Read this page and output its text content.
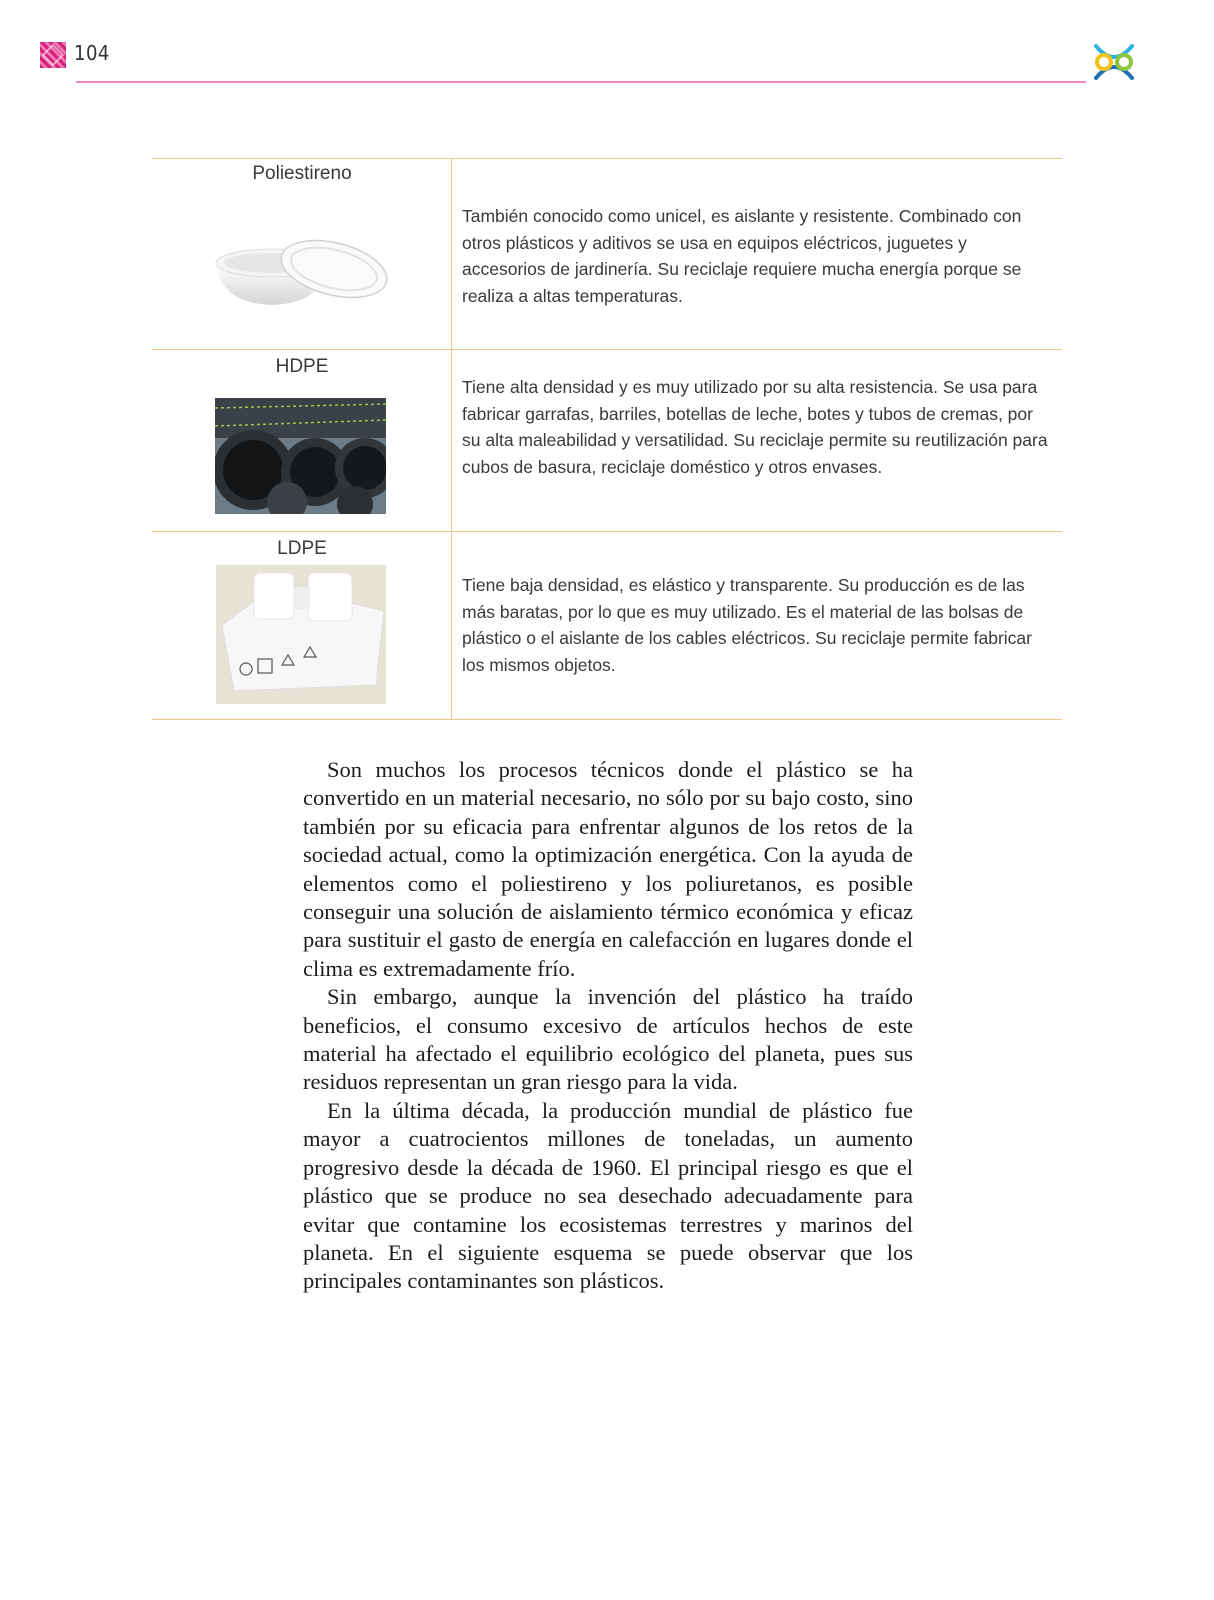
104
Poliestireno
También conocido como unicel, es aislante y resistente. Combinado con otros plásticos y aditivos se usa en equipos eléctricos, juguetes y accesorios de jardinería. Su reciclaje requiere mucha energía porque se realiza a altas temperaturas.
HDPE
Tiene alta densidad y es muy utilizado por su alta resistencia. Se usa para fabricar garrafas, barriles, botellas de leche, botes y tubos de cremas, por su alta maleabilidad y versatilidad. Su reciclaje permite su reutilización para cubos de basura, reciclaje doméstico y otros envases.
LDPE
Tiene baja densidad, es elástico y transparente. Su producción es de las más baratas, por lo que es muy utilizado. Es el material de las bolsas de plástico o el aislante de los cables eléctricos. Su reciclaje permite fabricar los mismos objetos.

Son muchos los procesos técnicos donde el plástico se ha convertido en un material necesario, no sólo por su bajo costo, sino también por su eficacia para enfrentar algunos de los retos de la sociedad actual, como la optimización energética. Con la ayuda de elementos como el poliestireno y los poliuretanos, es posible conseguir una solución de aislamiento térmico económica y eficaz para sustituir el gasto de energía en calefacción en lugares donde el clima es extremadamente frío.

Sin embargo, aunque la invención del plástico ha traído beneficios, el consumo excesivo de artículos hechos de este material ha afectado el equilibrio ecológico del planeta, pues sus residuos representan un gran riesgo para la vida.

En la última década, la producción mundial de plástico fue mayor a cuatrocientos millones de toneladas, un aumento progresivo desde la década de 1960. El principal riesgo es que el plástico que se produce no sea desechado adecuadamente para evitar que contamine los ecosistemas terrestres y marinos del planeta. En el siguiente esquema se puede observar que los principales contaminantes son plásticos.
